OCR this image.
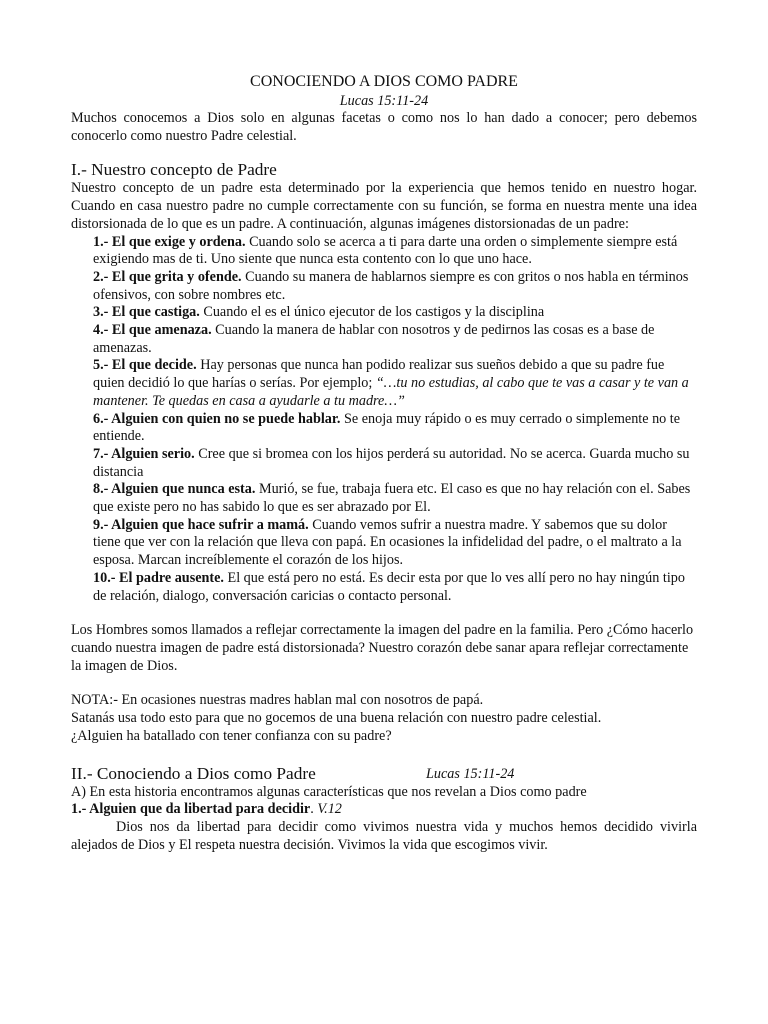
CONOCIENDO A DIOS COMO PADRE

Lucas 15:11-24

Muchos conocemos a Dios solo en algunas facetas o como nos lo han dado a conocer; pero debemos conocerlo como nuestro Padre celestial.

I.- Nuestro concepto de Padre

Nuestro concepto de un padre esta determinado por la experiencia que hemos tenido en nuestro hogar. Cuando en casa nuestro padre no cumple correctamente con su función, se forma en nuestra mente una idea distorsionada de lo que es un padre. A continuación, algunas imágenes distorsionadas de un padre:

1.- El que exige y ordena. Cuando solo se acerca a ti para darte una orden o simplemente siempre está exigiendo mas de ti. Uno siente que nunca esta contento con lo que uno hace.

2.- El que grita y ofende. Cuando su manera de hablarnos siempre es con gritos o nos habla en términos ofensivos, con sobre nombres etc.

3.- El que castiga. Cuando el es el único ejecutor de los castigos y la disciplina

4.- El que amenaza. Cuando la manera de hablar con nosotros y de pedirnos las cosas es a base de amenazas.

5.- El que decide. Hay personas que nunca han podido realizar sus sueños debido a que su padre fue quien decidió lo que harías o serías. Por ejemplo; “…tu no estudias, al cabo que te vas a casar y te van a mantener. Te quedas en casa a ayudarle a tu madre…”

6.- Alguien con quien no se puede hablar. Se enoja muy rápido o es muy cerrado o simplemente no te entiende.

7.- Alguien serio. Cree que si bromea con los hijos perderá su autoridad. No se acerca. Guarda mucho su distancia

8.- Alguien que nunca esta. Murió, se fue, trabaja fuera etc. El caso es que no hay relación con el. Sabes que existe pero no has sabido lo que es ser abrazado por El.

9.- Alguien que hace sufrir a mamá. Cuando vemos sufrir a nuestra madre. Y sabemos que su dolor tiene que ver con la relación que lleva con papá. En ocasiones la infidelidad del padre, o el maltrato a la esposa. Marcan increíblemente el corazón de los hijos.

10.- El padre ausente. El que está pero no está. Es decir esta por que lo ves allí pero no hay ningún tipo de relación, dialogo, conversación caricias o contacto personal.

Los Hombres somos llamados a reflejar correctamente la imagen del padre en la familia. Pero ¿Cómo hacerlo cuando nuestra imagen de padre está distorsionada? Nuestro corazón debe sanar apara reflejar correctamente la imagen de Dios.

NOTA:- En ocasiones nuestras madres hablan mal con nosotros de papá.

Satanás usa todo esto para que no gocemos de una buena relación con nuestro padre celestial.

¿Alguien ha batallado con tener confianza con su padre?

II.- Conociendo a Dios como Padre	Lucas 15:11-24

A) En esta historia encontramos algunas características que nos revelan a Dios como padre

1.- Alguien que da libertad para decidir. V.12

Dios nos da libertad para decidir como vivimos nuestra vida y muchos hemos decidido vivirla alejados de Dios y El respeta nuestra decisión. Vivimos la vida que escogimos vivir.
